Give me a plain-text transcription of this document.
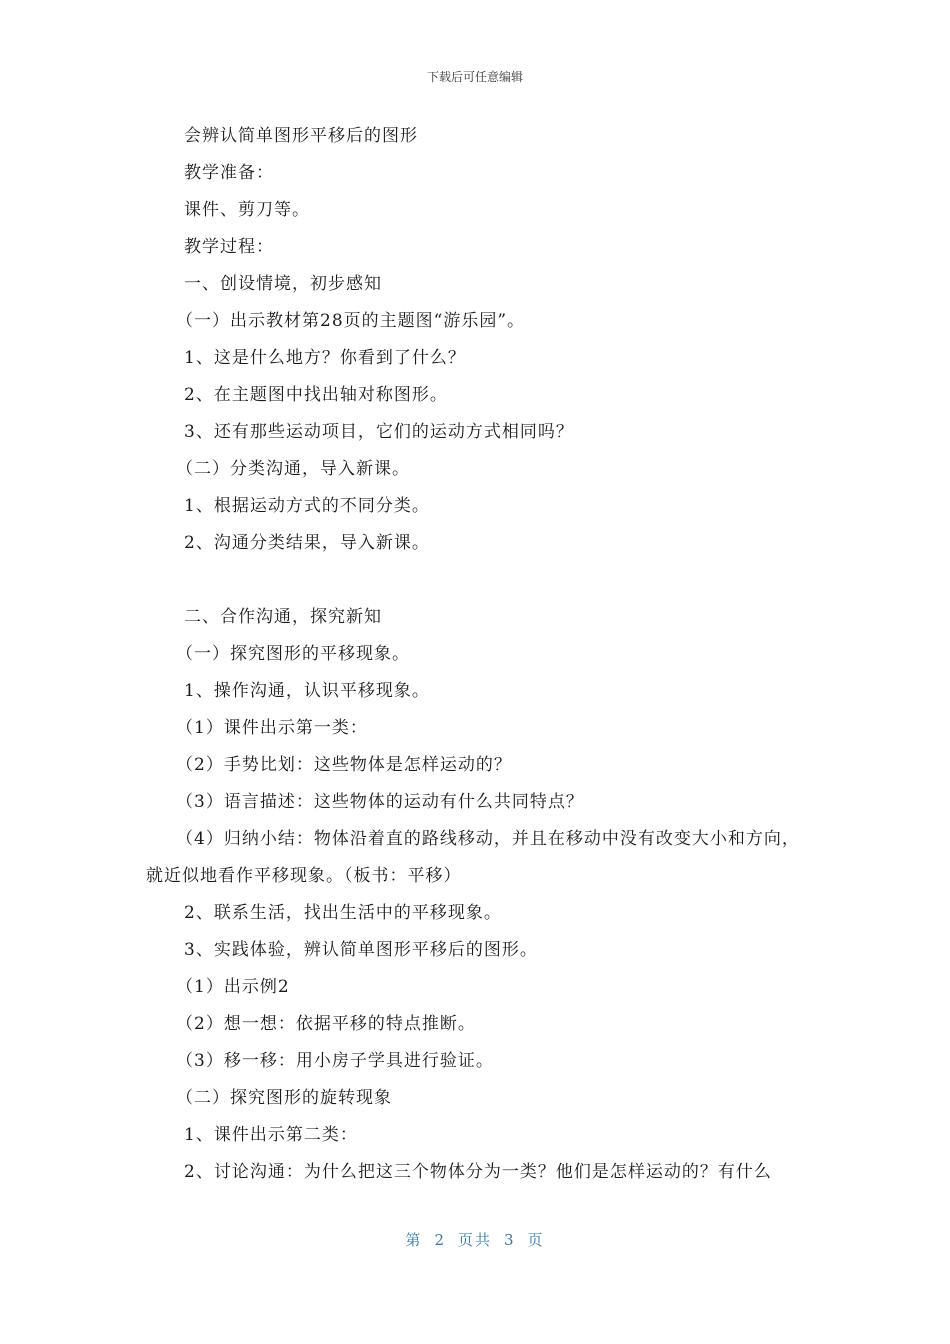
下载后可任意编辑
会辨认简单图形平移后的图形
教学准备：
课件、剪刀等。
教学过程：
一、创设情境，初步感知
（一）出示教材第28页的主题图“游乐园”。
1、这是什么地方？你看到了什么？
2、在主题图中找出轴对称图形。
3、还有那些运动项目，它们的运动方式相同吗？
（二）分类沟通，导入新课。
1、根据运动方式的不同分类。
2、沟通分类结果，导入新课。
二、合作沟通，探究新知
（一）探究图形的平移现象。
1、操作沟通，认识平移现象。
（1）课件出示第一类：
（2）手势比划：这些物体是怎样运动的？
（3）语言描述：这些物体的运动有什么共同特点？
（4）归纳小结：物体沿着直的路线移动，并且在移动中没有改变大小和方向，就近似地看作平移现象。（板书：平移）
2、联系生活，找出生活中的平移现象。
3、实践体验，辨认简单图形平移后的图形。
（1）出示例2
（2）想一想：依据平移的特点推断。
（3）移一移：用小房子学具进行验证。
（二）探究图形的旋转现象
1、课件出示第二类：
2、讨论沟通：为什么把这三个物体分为一类？他们是怎样运动的？有什么
第 2 页共 3 页
